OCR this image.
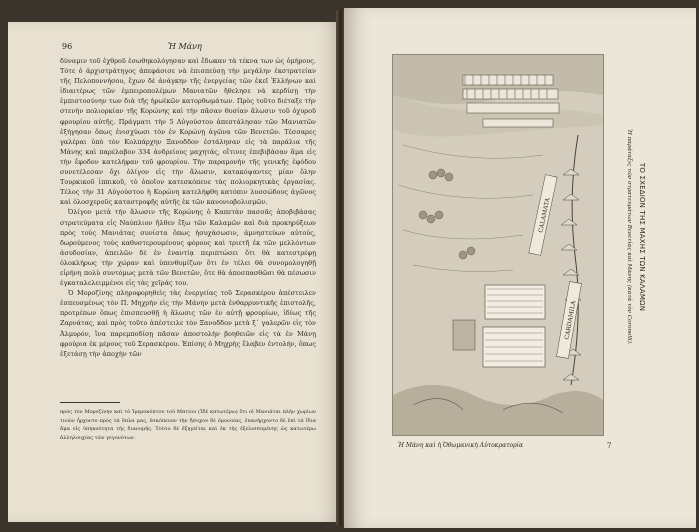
96	Ἡ Μάνη

δύναμιν τοῦ ἐχθροῦ ἐσωθηκολόγησαν καὶ ἔδωκαν τὰ τέκνα των ὡς ὁμήρους. Τότε ὁ ἀρχιστράτηγος ἀπεφάσισε νὰ ἐπισπεύσῃ τὴν μεγάλην ἐκστρατείαν τῆς Πελοποννήσου, ἔχων δὲ ἀνάγκην τῆς ἐνεργείας τῶν ἐκεῖ Ἑλλήνων καὶ ἰδιαιτέρως τῶν ἐμπειροπολέμων Μανιατῶν ἤθελησε νὰ κερδίσῃ τὴν ἐμπιστοσύνην των διὰ τῆς ἡρωϊκῶν κατορθωμάτων. Πρὸς τοῦτο διέταξε τὴν στενὴν πολιορκίαν τῆς Κορώνης καὶ τὴν πᾶσαν θυσίαν ἅλωσιν τοῦ ὀχυροῦ φρουρίου αὐτῆς. Πράγματι τὴν 5 Αὐγούστου ἀπεστάλησαν τῶν Μανιατῶν ἐξήγησαν ὅπως ἐνισχύωσι τὸν ἐν Κορώνῃ ἀγῶνα τῶν Βενετῶν. Τέσσαρες γαλέραι ὑπὸ τὸν Κολπάρχην Ξανοδδον ἐστάλησαν εἰς τὰ παράλια τῆς Μάνης καὶ παρέλαβον 334 ἀνδρείους μαχητάς, οἵτινες ἐπεβιβάσαν ἅμα εἰς τὴν ἔφοδον κατελήφαν τοῦ φρουρίου. Τὴν παραμονὴν τῆς γενικῆς ἐφόδου συνετέλεσαν ὄχι ὀλίγον εἰς τὴν ἅλωσιν, κατακόψαντες μίαν ὅλην Τουρκικοῦ ἱππικοῦ, τὸ ὁποῖον κατεσκόπευε τὰς πολιορκητικὰς ἐργασίας. Τέλος τὴν 31 Αὐγούστου ἡ Κορώνη κατελήφθη κατόπιν λυσσώδους ἀγῶνος καὶ ὁλοσχεροῦς καταστροφῆς αὐτῆς ἐκ τῶν κανονιοβολισμῶν.

Ὀλίγον μετὰ τὴν ἅλωσιν τῆς Κορώνης ὁ Καπετὰν πασσᾶς ἀποβιβάσας στρατεύματα εἰς Ναύπλιον ἤλθεν ἔξω τῶν Καλαμῶν καὶ διὰ προκηρύξεων πρὸς τοὺς Μανιάτας συνίστα ὅπως ἡσυχάσωσιν, ἀμνηστεύων αὐτούς, δωρούμενος τοὺς καθυστερουμένους φόρους καὶ τριετῆ ἐκ τῶν μελλόντων ἀσυδοσίαν, ἀπειλῶν δὲ ἐν ἐναντίᾳ περιπτώσει ὅτι θὰ κατεστρέφῃ ὁλοκλήρως τὴν χώραν καὶ ὑπενθυμίζων ὅτι ἐν τέλει θὰ συνομολογηθῇ εἰρήνη πολὺ συντόμως μετὰ τῶν Βενετῶν, ὅτε θὰ ἀποσπασθῶσι θὰ πέσωσιν ἐγκαταλελειμμένοι εἰς τὰς χεῖράς του.

Ὁ Μοροζίνης πληροφορηθεὶς τὰς ἐνεργείας τοῦ Σερασκέρου ἀπέστειλεν ἐσπευσμένως τὸν Π. Μηχρὴν εἰς τὴν Μάνην μετὰ ἐνθαρρυντικῆς ἐπιστολῆς, προτρέπων ὅπως ἐπισπευσθῇ ἡ ἅλωσις τῶν ἐν αὐτῇ φρουρίων, ἰδίως τῆς Ζαρνάτας, καὶ πρὸς τοῦτο ἀπέστειλε τὸν Ξανοδδον μετὰ ξ΄ γαλερῶν εἰς τὸν Ἀλμυρόν, ἵνα παρεμποδίσῃ πᾶσαν ἀποστολὴν βοηθειῶν εἰς τὰ ἐν Μάνῃ φρούρια ἐκ μέρους τοῦ Σερασκέρου. Ἐπίσης ὁ Μηχρὴς ἔλαβεν ἐντολήν, ὅπως ἐξετάσῃ τὴν ἀποχὴν τῶν

πρὸς τὸν Μοροζίνην καὶ τὸ Ἱμεροκόπτου τοῦ Ματίου (Ἰδὲ κατωτέρω) ὅτι οἱ Μανιάται πλὴν χωρίων τινῶν ἦρχοντο πρὸς τὰ ὅπλα μας, ἐσκόπευον τὴν ἥσυχον δὲ ὁμονοίας, ἐπανήρχοντο δὲ ἐπὶ τὰ ἴδια ἄμα εἰς ὑπηκοότητα τῆς διανομῆς. Τοῦτο δὲ ἐξηγεῖται καὶ ἐκ τῆς ἐξελισσομένης ὡς κατωτέρω ἀλληλουχίας τῶν γεγονότων.

CALAMATA
CARDAMILA
Ἡ Μάνη καὶ ἡ Ὀθωμανικὴ Αὐτοκρατορία	7
ΤΟ ΣΧΕΔΙΟΝ ΤΗΣ ΜΑΧΗΣ ΤΩΝ ΚΑΛΑΜΩΝ
Ἡ παράταξις τῶν στρατευμάτων Βενετίας καὶ Μάνης (κατὰ τὸν Coronelli).
